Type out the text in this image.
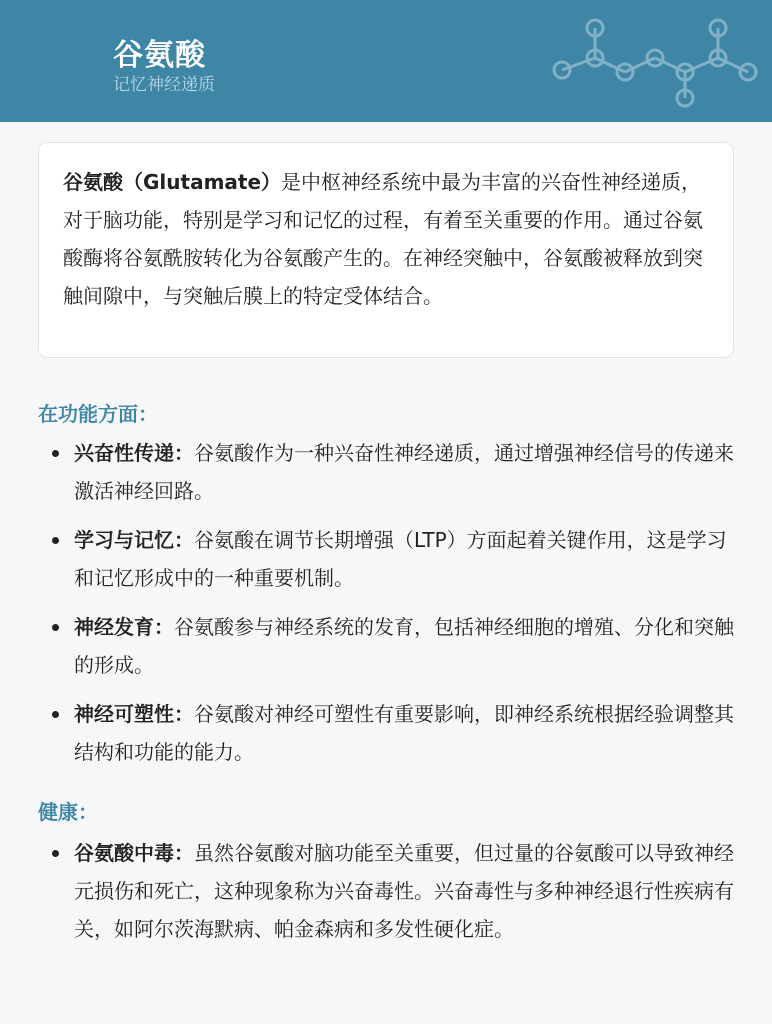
谷氨酸
记忆神经递质

谷氨酸（Glutamate）是中枢神经系统中最为丰富的兴奋性神经递质，对于脑功能，特别是学习和记忆的过程，有着至关重要的作用。通过谷氨酸酶将谷氨酰胺转化为谷氨酸产生的。在神经突触中，谷氨酸被释放到突触间隙中，与突触后膜上的特定受体结合。

在功能方面：
兴奋性传递：谷氨酸作为一种兴奋性神经递质，通过增强神经信号的传递来激活神经回路。
学习与记忆：谷氨酸在调节长期增强（LTP）方面起着关键作用，这是学习和记忆形成中的一种重要机制。
神经发育：谷氨酸参与神经系统的发育，包括神经细胞的增殖、分化和突触的形成。
神经可塑性：谷氨酸对神经可塑性有重要影响，即神经系统根据经验调整其结构和功能的能力。
健康：
谷氨酸中毒：虽然谷氨酸对脑功能至关重要，但过量的谷氨酸可以导致神经元损伤和死亡，这种现象称为兴奋毒性。兴奋毒性与多种神经退行性疾病有关，如阿尔茨海默病、帕金森病和多发性硬化症。
